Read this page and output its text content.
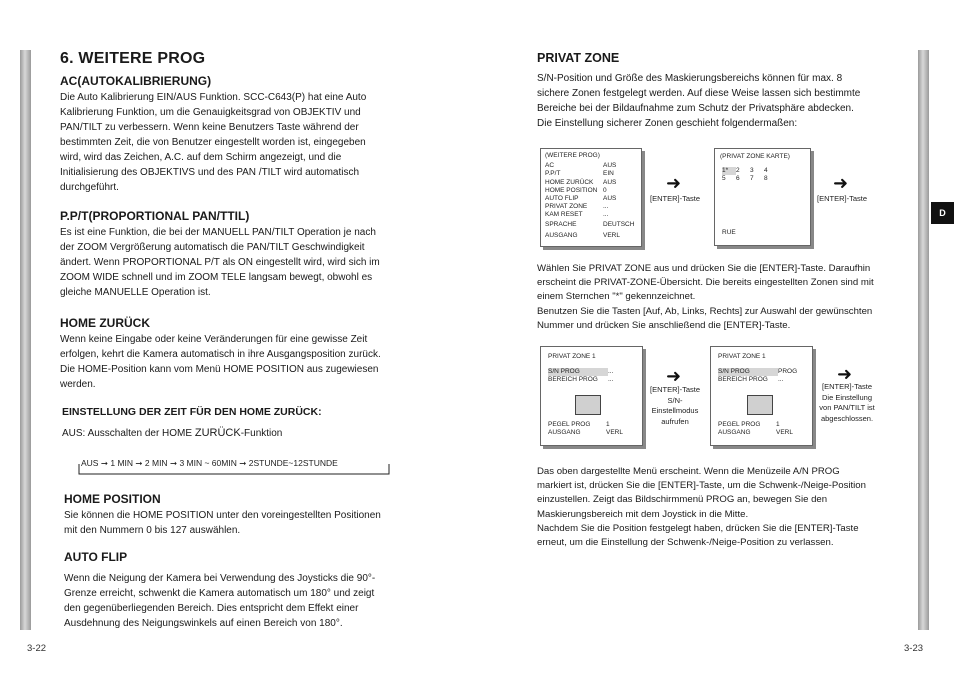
D
6. WEITERE PROG
AC(AUTOKALIBRIERUNG)
Die Auto Kalibrierung EIN/AUS Funktion. SCC-C643(P) hat eine Auto
Kalibrierung Funktion, um die Genauigkeitsgrad von OBJEKTIV und
PAN/TILT zu verbessern. Wenn keine Benutzers Taste während der
bestimmten Zeit, die von Benutzer eingestellt worden ist, eingegeben
wird, wird das Zeichen, A.C. auf dem Schirm angezeigt, und die
Initialisierung des OBJEKTIVS und des PAN /TILT wird automatisch
durchgeführt.
P.P/T(PROPORTIONAL PAN/TTIL)
Es ist eine Funktion, die bei der MANUELL PAN/TILT Operation je nach
der ZOOM Vergrößerung automatisch die PAN/TILT Geschwindigkeit
ändert. Wenn PROPORTIONAL P/T als ON eingestellt wird, wird sich im
ZOOM WIDE schnell und im ZOOM TELE langsam bewegt, obwohl es
gleiche MANUELLE Operation ist.
HOME ZURÜCK
Wenn keine Eingabe oder keine Veränderungen für eine gewisse Zeit
erfolgen, kehrt die Kamera automatisch in ihre Ausgangsposition zurück.
Die HOME-Position kann vom Menü HOME POSITION aus zugewiesen
werden.
EINSTELLUNG DER ZEIT FÜR DEN HOME ZURÜCK:
AUS: Ausschalten der HOME ZURÜCK-Funktion
AUS ➞ 1 MIN ➞ 2 MIN ➞ 3 MIN ~ 60MIN ➞ 2STUNDE~12STUNDE
HOME POSITION
Sie können die HOME POSITION unter den voreingestellten Positionen
mit den Nummern 0 bis 127 auswählen.
AUTO FLIP
Wenn die Neigung der Kamera bei Verwendung des Joysticks die 90°-
Grenze erreicht, schwenkt die Kamera automatisch um 180° und zeigt
den gegenüberliegenden Bereich. Dies entspricht dem Effekt einer
Ausdehnung des Neigungswinkels auf einen Bereich von 180°.
3-22
PRIVAT ZONE
S/N-Position und Größe des Maskierungsbereichs können für max. 8
sichere Zonen festgelegt werden. Auf diese Weise lassen sich bestimmte
Bereiche bei der Bildaufnahme zum Schutz der Privatsphäre abdecken.
Die Einstellung sicherer Zonen geschieht folgendermaßen:
(WEITERE PROG)
AC	AUS
P.P/T	EIN
HOME ZURÜCK	AUS
HOME POSITION 0
AUTO FLIP	AUS
PRIVAT ZONE	...
KAM RESET	...
SPRACHE	DEUTSCH
AUSGANG	VERL
➜
[ENTER]-Taste
(PRIVAT ZONE KARTE)
1*	2	3	4
5	6	7	8
RUE
➜
[ENTER]-Taste
Wählen Sie PRIVAT ZONE aus und drücken Sie die [ENTER]-Taste. Daraufhin
erscheint die PRIVAT-ZONE-Übersicht. Die bereits eingestellten Zonen sind mit
einem Sternchen "*" gekennzeichnet.
Benutzen Sie die Tasten [Auf, Ab, Links, Rechts] zur Auswahl der gewünschten
Nummer und drücken Sie anschließend die [ENTER]-Taste.
PRIVAT ZONE 1
S/N PROG	...
BEREICH PROG	...
PEGEL PROG	1
AUSGANG	VERL
➜
[ENTER]-Taste
S/N-
Einstellmodus
aufrufen
PRIVAT ZONE 1
S/N PROG	PROG
BEREICH PROG	...
PEGEL PROG	1
AUSGANG	VERL
➜
[ENTER]-Taste
Die Einstellung
von PAN/TILT ist
abgeschlossen.
Das oben dargestellte Menü erscheint. Wenn die Menüzeile A/N PROG
markiert ist, drücken Sie die [ENTER]-Taste, um die Schwenk-/Neige-Position
einzustellen. Zeigt das Bildschirmmenü PROG an, bewegen Sie den
Maskierungsbereich mit dem Joystick in die Mitte.
Nachdem Sie die Position festgelegt haben, drücken Sie die [ENTER]-Taste
erneut, um die Einstellung der Schwenk-/Neige-Position zu verlassen.
3-23
